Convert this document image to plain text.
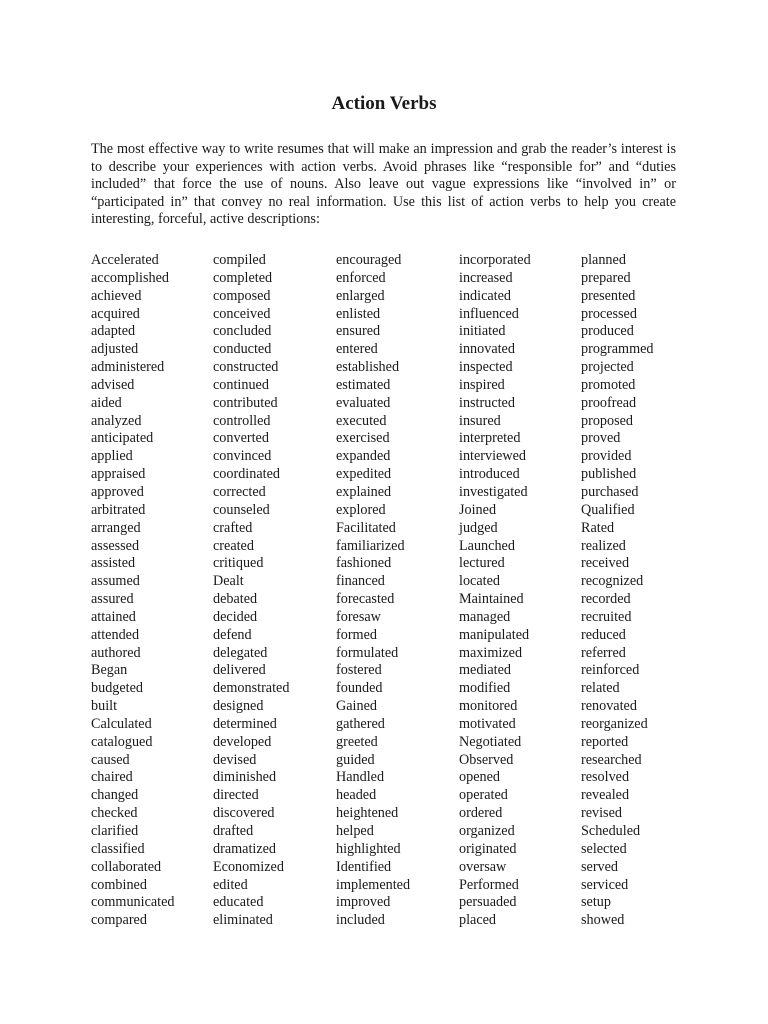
Action Verbs

The most effective way to write resumes that will make an impression and grab the reader’s interest is to describe your experiences with action verbs. Avoid phrases like “responsible for” and “duties included” that force the use of nouns. Also leave out vague expressions like “involved in” or “participated in” that convey no real information. Use this list of action verbs to help you create interesting, forceful, active descriptions:

Accelerated
accomplished
achieved
acquired
adapted
adjusted
administered
advised
aided
analyzed
anticipated
applied
appraised
approved
arbitrated
arranged
assessed
assisted
assumed
assured
attained
attended
authored
Began
budgeted
built
Calculated
catalogued
caused
chaired
changed
checked
clarified
classified
collaborated
combined
communicated
compared
compiled
completed
composed
conceived
concluded
conducted
constructed
continued
contributed
controlled
converted
convinced
coordinated
corrected
counseled
crafted
created
critiqued
Dealt
debated
decided
defend
delegated
delivered
demonstrated
designed
determined
developed
devised
diminished
directed
discovered
drafted
dramatized
Economized
edited
educated
eliminated
encouraged
enforced
enlarged
enlisted
ensured
entered
established
estimated
evaluated
executed
exercised
expanded
expedited
explained
explored
Facilitated
familiarized
fashioned
financed
forecasted
foresaw
formed
formulated
fostered
founded
Gained
gathered
greeted
guided
Handled
headed
heightened
helped
highlighted
Identified
implemented
improved
included
incorporated
increased
indicated
influenced
initiated
innovated
inspected
inspired
instructed
insured
interpreted
interviewed
introduced
investigated
Joined
judged
Launched
lectured
located
Maintained
managed
manipulated
maximized
mediated
modified
monitored
motivated
Negotiated
Observed
opened
operated
ordered
organized
originated
oversaw
Performed
persuaded
placed
planned
prepared
presented
processed
produced
programmed
projected
promoted
proofread
proposed
proved
provided
published
purchased
Qualified
Rated
realized
received
recognized
recorded
recruited
reduced
referred
reinforced
related
renovated
reorganized
reported
researched
resolved
revealed
revised
Scheduled
selected
served
serviced
setup
showed
